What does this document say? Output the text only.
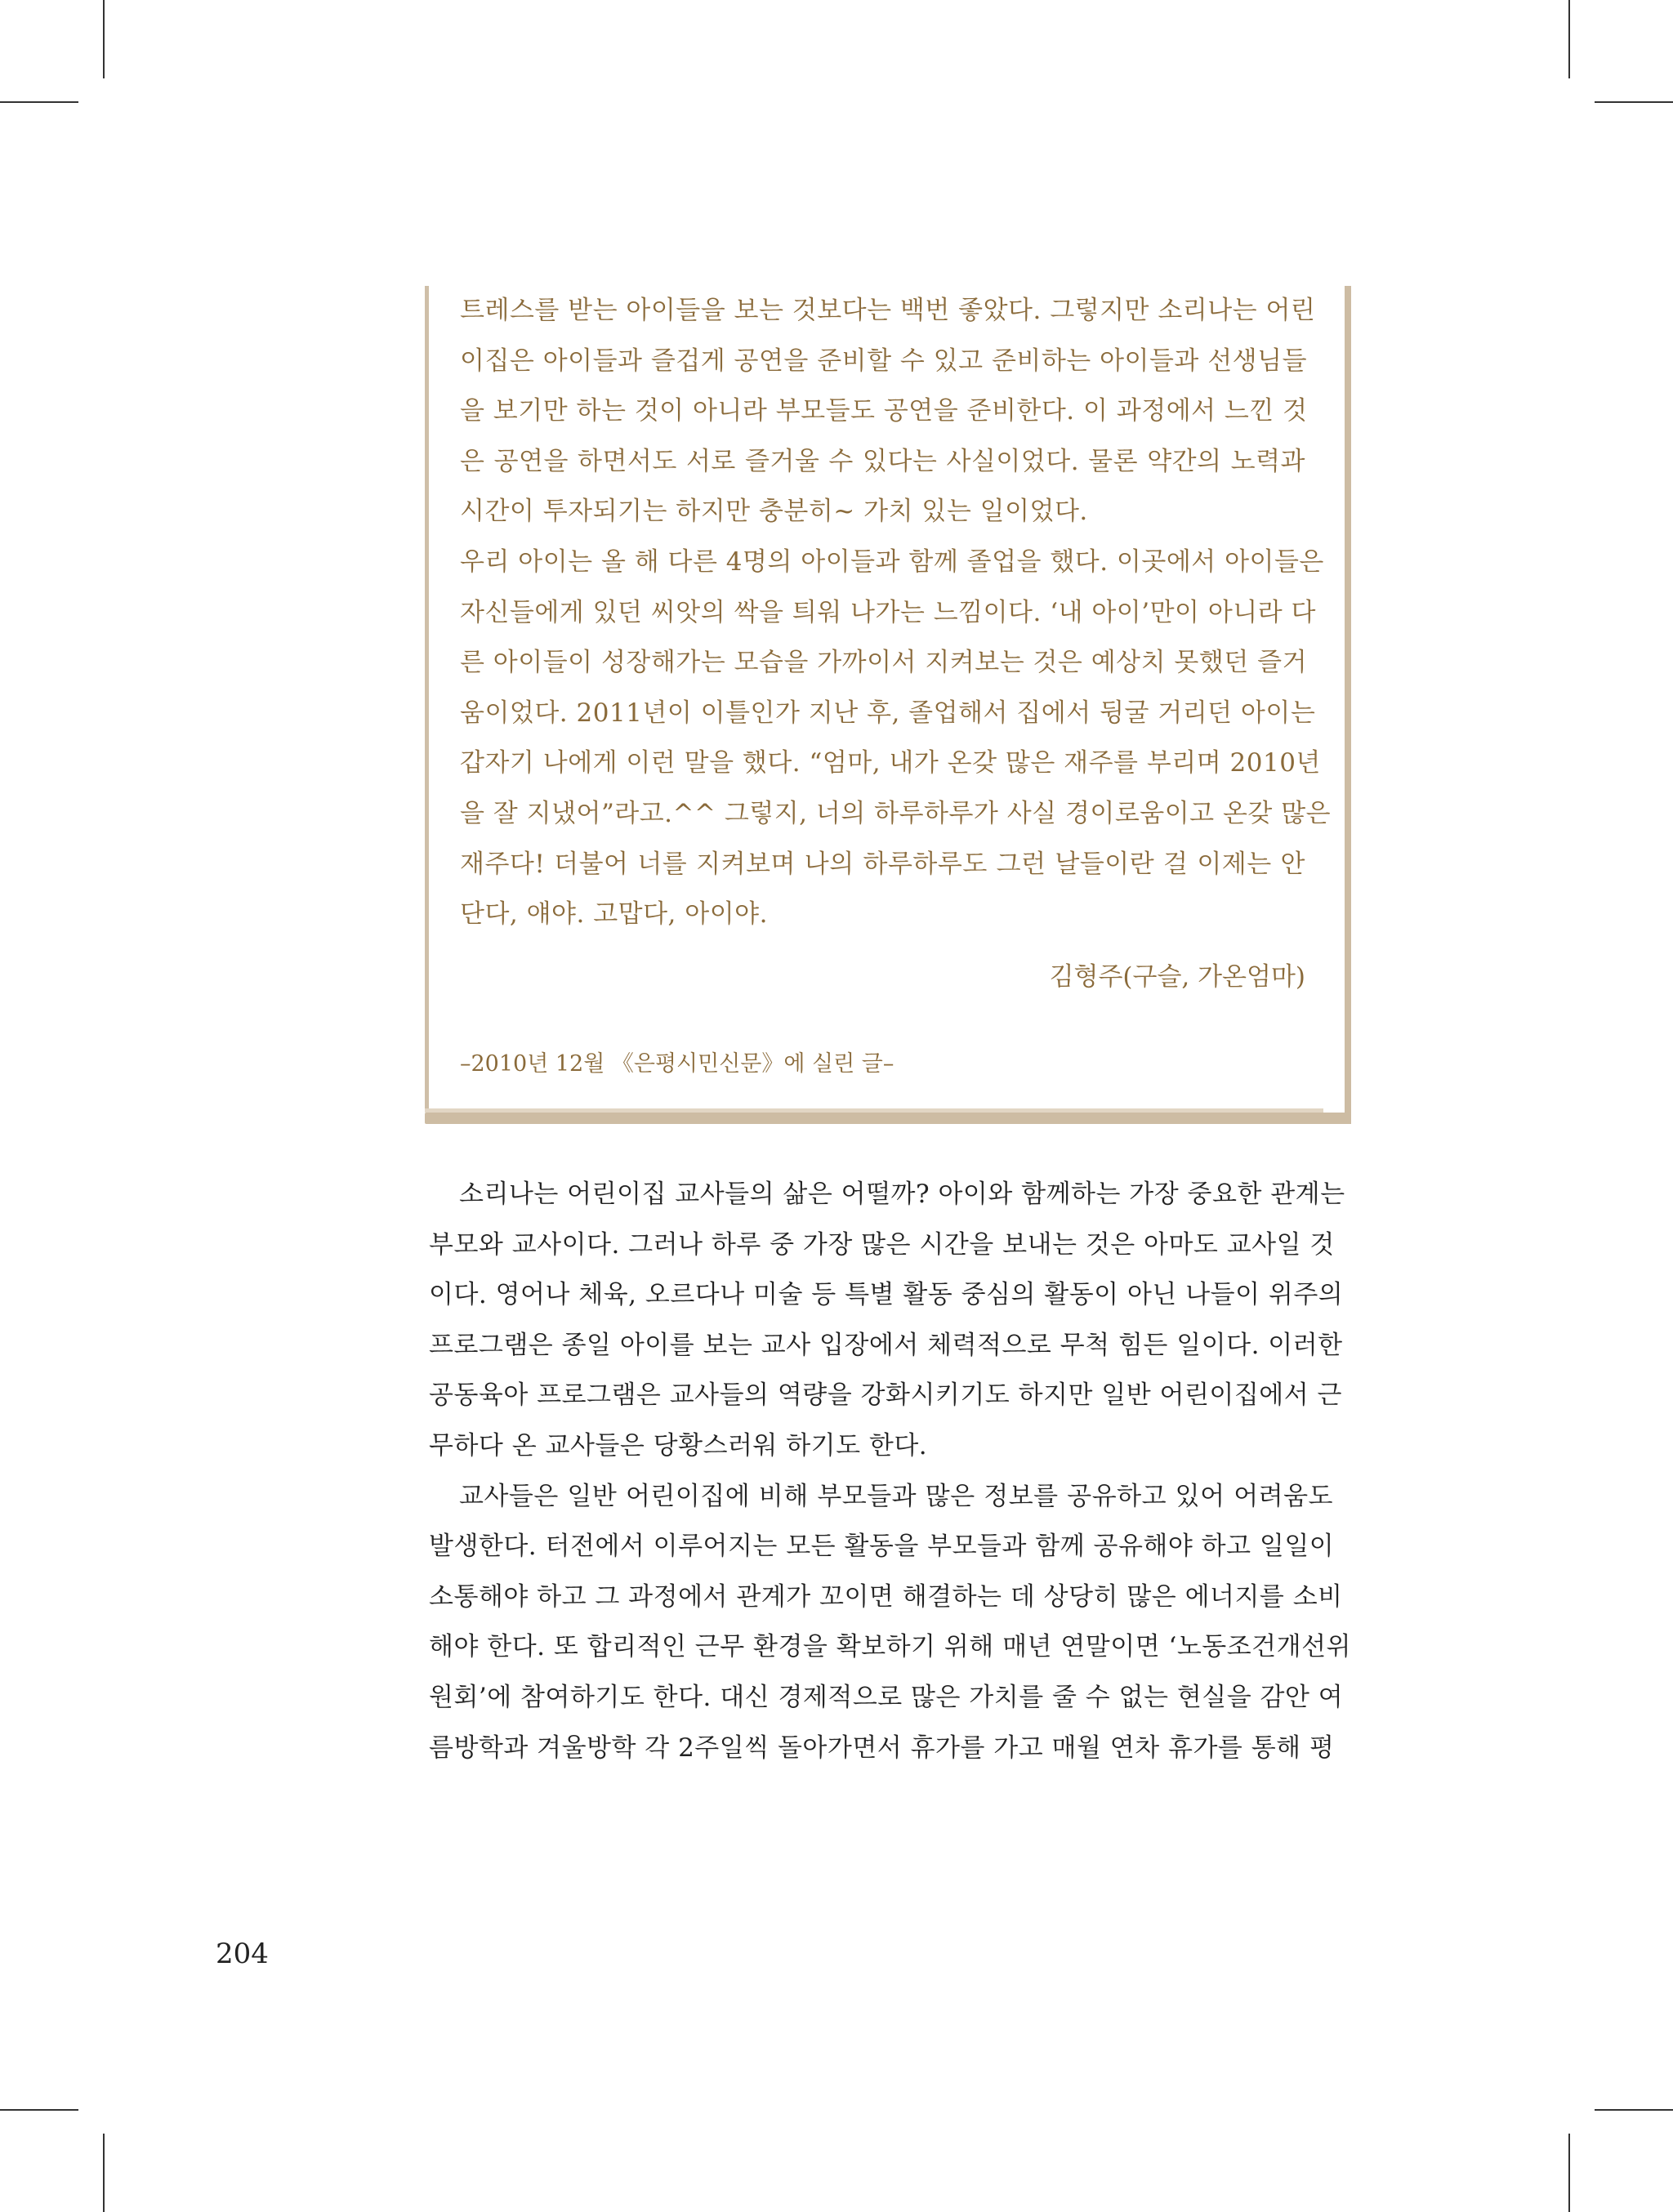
트레스를 받는 아이들을 보는 것보다는 백번 좋았다. 그렇지만 소리나는 어린
이집은 아이들과 즐겁게 공연을 준비할 수 있고 준비하는 아이들과 선생님들
을 보기만 하는 것이 아니라 부모들도 공연을 준비한다. 이 과정에서 느낀 것
은 공연을 하면서도 서로 즐거울 수 있다는 사실이었다. 물론 약간의 노력과
시간이 투자되기는 하지만 충분히~ 가치 있는 일이었다.
우리 아이는 올 해 다른 4명의 아이들과 함께 졸업을 했다. 이곳에서 아이들은
자신들에게 있던 씨앗의 싹을 틔워 나가는 느낌이다. ‘내 아이’만이 아니라 다
른 아이들이 성장해가는 모습을 가까이서 지켜보는 것은 예상치 못했던 즐거
움이었다. 2011년이 이틀인가 지난 후, 졸업해서 집에서 뒹굴 거리던 아이는
갑자기 나에게 이런 말을 했다. “엄마, 내가 온갖 많은 재주를 부리며 2010년
을 잘 지냈어”라고.^^ 그렇지, 너의 하루하루가 사실 경이로움이고 온갖 많은
재주다! 더불어 너를 지켜보며 나의 하루하루도 그런 날들이란 걸 이제는 안
단다, 얘야. 고맙다, 아이야.
김형주(구슬, 가온엄마)
–2010년 12월 《은평시민신문》에 실린 글–
소리나는 어린이집 교사들의 삶은 어떨까? 아이와 함께하는 가장 중요한 관계는
부모와 교사이다. 그러나 하루 중 가장 많은 시간을 보내는 것은 아마도 교사일 것
이다. 영어나 체육, 오르다나 미술 등 특별 활동 중심의 활동이 아닌 나들이 위주의
프로그램은 종일 아이를 보는 교사 입장에서 체력적으로 무척 힘든 일이다. 이러한
공동육아 프로그램은 교사들의 역량을 강화시키기도 하지만 일반 어린이집에서 근
무하다 온 교사들은 당황스러워 하기도 한다.
교사들은 일반 어린이집에 비해 부모들과 많은 정보를 공유하고 있어 어려움도
발생한다. 터전에서 이루어지는 모든 활동을 부모들과 함께 공유해야 하고 일일이
소통해야 하고 그 과정에서 관계가 꼬이면 해결하는 데 상당히 많은 에너지를 소비
해야 한다. 또 합리적인 근무 환경을 확보하기 위해 매년 연말이면 ‘노동조건개선위
원회’에 참여하기도 한다. 대신 경제적으로 많은 가치를 줄 수 없는 현실을 감안 여
름방학과 겨울방학 각 2주일씩 돌아가면서 휴가를 가고 매월 연차 휴가를 통해 평
204
